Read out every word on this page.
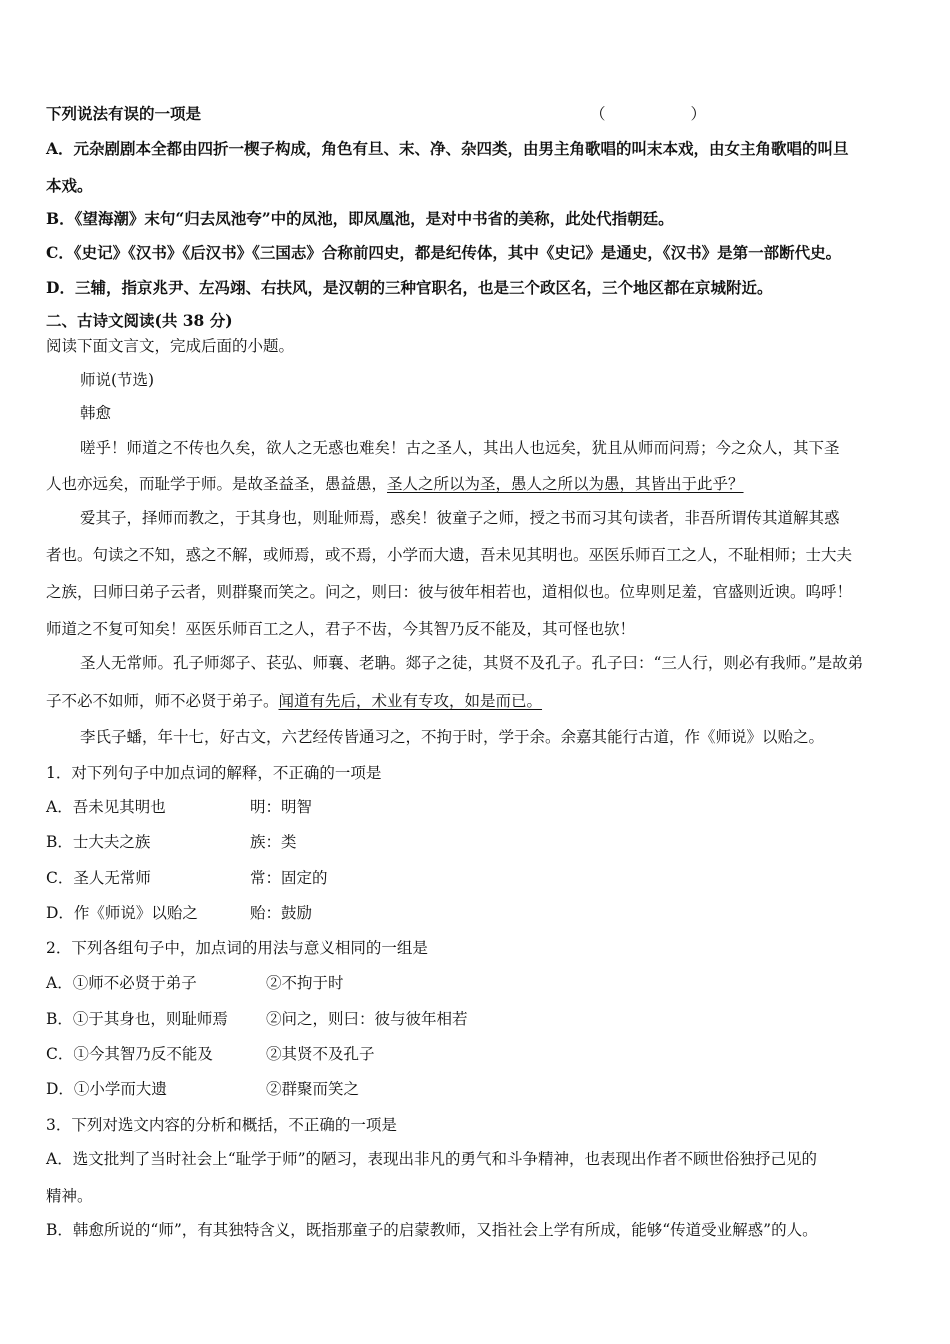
下列说法有误的一项是	（　　）
A．元杂剧剧本全都由四折一楔子构成，角色有旦、末、净、杂四类，由男主角歌唱的叫末本戏，由女主角歌唱的叫旦
本戏。
B．《望海潮》末句“归去凤池夸”中的凤池，即凤凰池，是对中书省的美称，此处代指朝廷。
C．《史记》《汉书》《后汉书》《三国志》合称前四史，都是纪传体，其中《史记》是通史，《汉书》是第一部断代史。
D．三辅，指京兆尹、左冯翊、右扶风，是汉朝的三种官职名，也是三个政区名，三个地区都在京城附近。
二、古诗文阅读(共 38 分)
阅读下面文言文，完成后面的小题。
师说(节选)
韩愈
嗟乎！师道之不传也久矣，欲人之无惑也难矣！古之圣人，其出人也远矣，犹且从师而问焉；今之众人，其下圣
人也亦远矣，而耻学于师。是故圣益圣，愚益愚，圣人之所以为圣，愚人之所以为愚，其皆出于此乎？
爱其子，择师而教之，于其身也，则耻师焉，惑矣！彼童子之师，授之书而习其句读者，非吾所谓传其道解其惑
者也。句读之不知，惑之不解，或师焉，或不焉，小学而大遗，吾未见其明也。巫医乐师百工之人，不耻相师；士大夫
之族，曰师曰弟子云者，则群聚而笑之。问之，则曰：彼与彼年相若也，道相似也。位卑则足羞，官盛则近谀。呜呼！
师道之不复可知矣！巫医乐师百工之人，君子不齿，今其智乃反不能及，其可怪也欤！
圣人无常师。孔子师郯子、苌弘、师襄、老聃。郯子之徒，其贤不及孔子。孔子曰：“三人行，则必有我师。”是故弟
子不必不如师，师不必贤于弟子。闻道有先后，术业有专攻，如是而已。
李氏子蟠，年十七，好古文，六艺经传皆通习之，不拘于时，学于余。余嘉其能行古道，作《师说》以贻之。
1．对下列句子中加点词的解释，不正确的一项是
A．吾未见其明也	明：明智
B．士大夫之族	族：类
C．圣人无常师	常：固定的
D．作《师说》以贻之	贻：鼓励
2．下列各组句子中，加点词的用法与意义相同的一组是
A．①师不必贤于弟子	②不拘于时
B．①于其身也，则耻师焉 ②问之，则曰：彼与彼年相若
C．①今其智乃反不能及	②其贤不及孔子
D．①小学而大遗	②群聚而笑之
3．下列对选文内容的分析和概括，不正确的一项是
A．选文批判了当时社会上“耻学于师”的陋习，表现出非凡的勇气和斗争精神，也表现出作者不顾世俗独抒己见的
精神。
B．韩愈所说的“师”，有其独特含义，既指那童子的启蒙教师，又指社会上学有所成，能够“传道受业解惑”的人。
